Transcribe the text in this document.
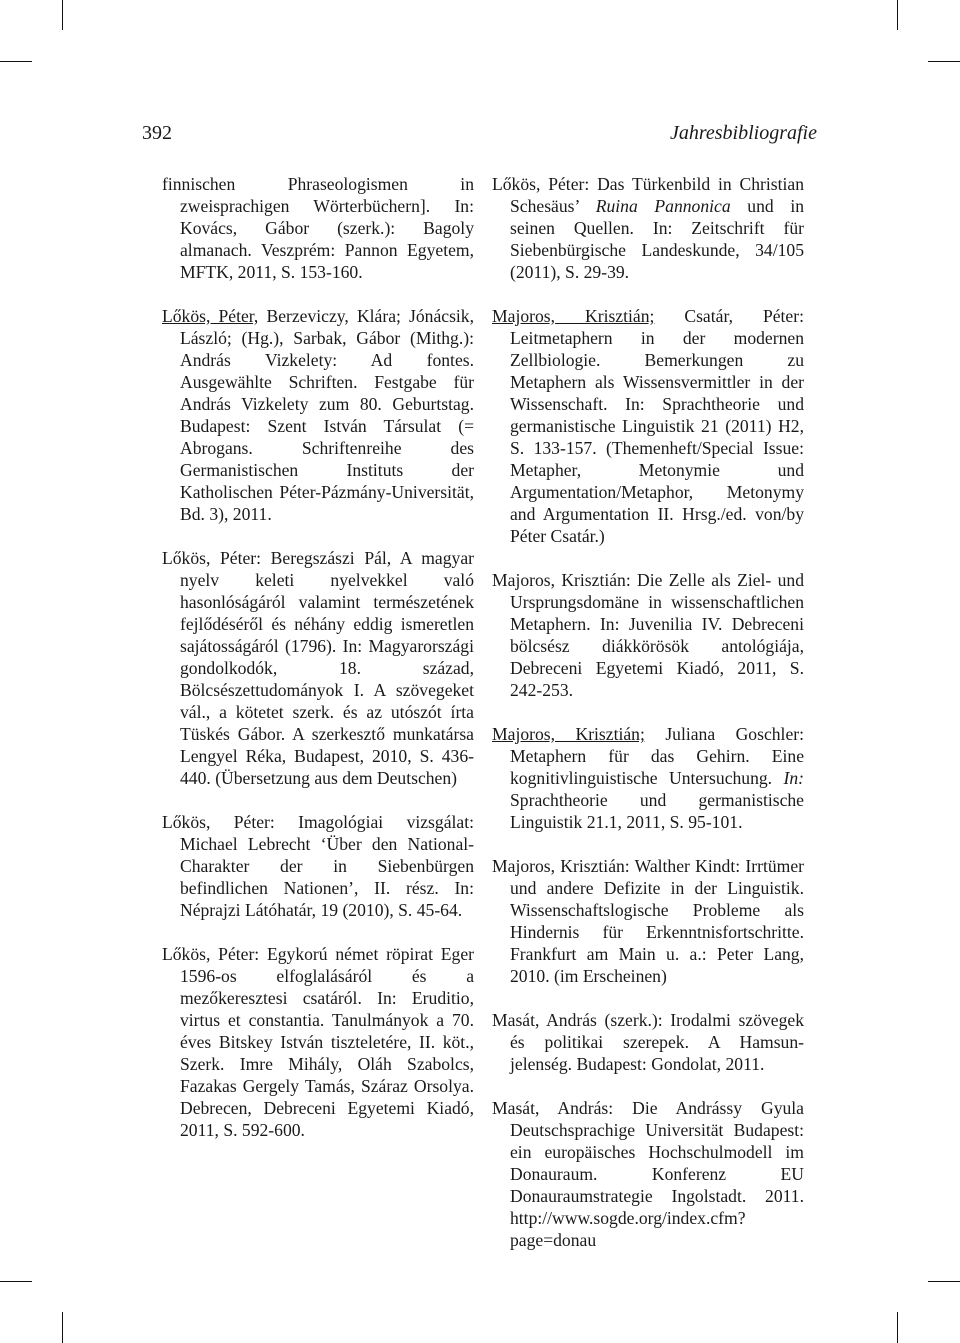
392	Jahresbibliografie

finnischen Phraseologismen in zweisprachigen Wörterbüchern]. In: Kovács, Gábor (szerk.): Bagoly almanach. Veszprém: Pannon Egyetem, MFTK, 2011, S. 153-160.

Lőkös, Péter, Berzeviczy, Klára; Jónácsik, László; (Hg.), Sarbak, Gábor (Mithg.): András Vizkelety: Ad fontes. Ausgewählte Schriften. Festgabe für András Vizkelety zum 80. Geburtstag. Budapest: Szent István Társulat (= Abrogans. Schriftenreihe des Germanistischen Instituts der Katholischen Péter-Pázmány-Universität, Bd. 3), 2011.

Lőkös, Péter: Beregszászi Pál, A magyar nyelv keleti nyelvekkel való hasonlóságáról valamint természetének fejlődéséről és néhány eddig ismeretlen sajátosságáról (1796). In: Magyarországi gondolkodók, 18. század, Bölcsészettudományok I. A szövegeket vál., a kötetet szerk. és az utószót írta Tüskés Gábor. A szerkesztő munkatársa Lengyel Réka, Budapest, 2010, S. 436-440. (Übersetzung aus dem Deutschen)

Lőkös, Péter: Imagológiai vizsgálat: Michael Lebrecht ‘Über den National-Charakter der in Siebenbürgen befindlichen Nationen’, II. rész. In: Néprajzi Látóhatár, 19 (2010), S. 45-64.

Lőkös, Péter: Egykorú német röpirat Eger 1596-os elfoglalásáról és a mezőkeresztesi csatáról. In: Eruditio, virtus et constantia. Tanulmányok a 70. éves Bitskey István tiszteletére, II. köt., Szerk. Imre Mihály, Oláh Szabolcs, Fazakas Gergely Tamás, Száraz Orsolya. Debrecen, Debreceni Egyetemi Kiadó, 2011, S. 592-600.

Lőkös, Péter: Das Türkenbild in Christian Schesäus’ Ruina Pannonica und in seinen Quellen. In: Zeitschrift für Siebenbürgische Landeskunde, 34/105 (2011), S. 29-39.

Majoros, Krisztián; Csatár, Péter: Leitmetaphern in der modernen Zellbiologie. Bemerkungen zu Metaphern als Wissensvermittler in der Wissenschaft. In: Sprachtheorie und germanistische Linguistik 21 (2011) H2, S. 133-157. (Themenheft/Special Issue: Metapher, Metonymie und Argumentation/Metaphor, Metonymy and Argumentation II. Hrsg./ed. von/by Péter Csatár.)

Majoros, Krisztián: Die Zelle als Ziel- und Ursprungsdomäne in wissenschaftlichen Metaphern. In: Juvenilia IV. Debreceni bölcsész diákkörösök antológiája, Debreceni Egyetemi Kiadó, 2011, S. 242-253.

Majoros, Krisztián; Juliana Goschler: Metaphern für das Gehirn. Eine kognitivlinguistische Untersuchung. In: Sprachtheorie und germanistische Linguistik 21.1, 2011, S. 95-101.

Majoros, Krisztián: Walther Kindt: Irrtümer und andere Defizite in der Linguistik. Wissenschaftslogische Probleme als Hindernis für Erkenntnisfortschritte. Frankfurt am Main u. a.: Peter Lang, 2010. (im Erscheinen)

Masát, András (szerk.): Irodalmi szövegek és politikai szerepek. A Hamsun-jelenség. Budapest: Gondolat, 2011.

Masát, András: Die Andrássy Gyula Deutschsprachige Universität Budapest: ein europäisches Hochschulmodell im Donauraum. Konferenz EU Donauraumstrategie Ingolstadt. 2011. http://www.sogde.org/index.cfm?page=donau
